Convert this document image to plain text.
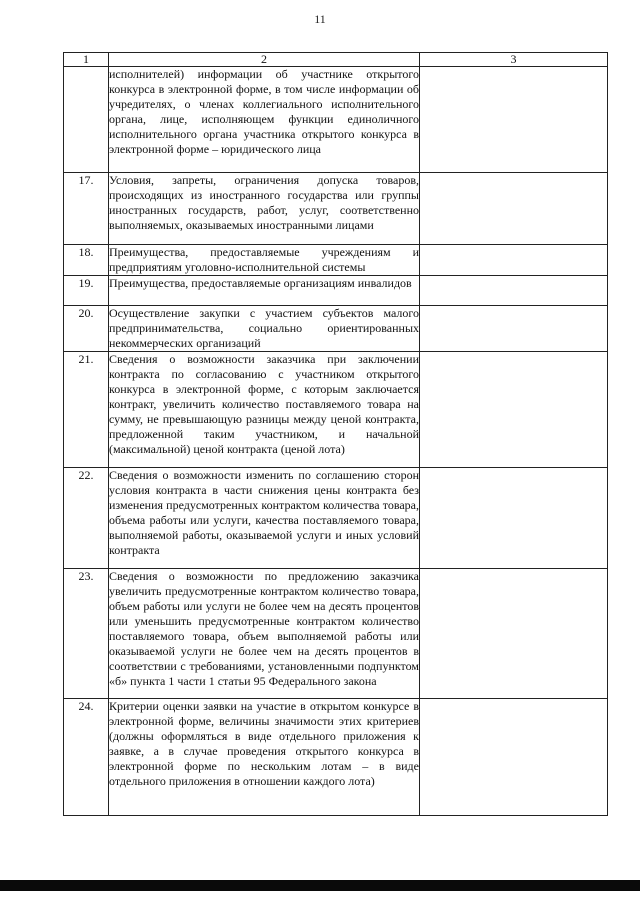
11
1	2	3
	исполнителей) информации об участнике открытого конкурса в электронной форме, в том числе информации об учредителях, о членах коллегиального исполнительного органа, лице, исполняющем функции единоличного исполнительного органа участника открытого конкурса в электронной форме – юридического лица	
17.	Условия, запреты, ограничения допуска товаров, происходящих из иностранного государства или группы иностранных государств, работ, услуг, соответственно выполняемых, оказываемых иностранными лицами	
18.	Преимущества, предоставляемые учреждениям и предприятиям уголовно-исполнительной системы	
19.	Преимущества, предоставляемые организациям инвалидов	
20.	Осуществление закупки с участием субъектов малого предпринимательства, социально ориентированных некоммерческих организаций	
21.	Сведения о возможности заказчика при заключении контракта по согласованию с участником открытого конкурса в электронной форме, с которым заключается контракт, увеличить количество поставляемого товара на сумму, не превышающую разницы между ценой контракта, предложенной таким участником, и начальной (максимальной) ценой контракта (ценой лота)	
22.	Сведения о возможности изменить по соглашению сторон условия контракта в части снижения цены контракта без изменения предусмотренных контрактом количества товара, объема работы или услуги, качества поставляемого товара, выполняемой работы, оказываемой услуги и иных условий контракта	
23.	Сведения о возможности по предложению заказчика увеличить предусмотренные контрактом количество товара, объем работы или услуги не более чем на десять процентов или уменьшить предусмотренные контрактом количество поставляемого товара, объем выполняемой работы или оказываемой услуги не более чем на десять процентов в соответствии с требованиями, установленными подпунктом «б» пункта 1 части 1 статьи 95 Федерального закона	
24.	Критерии оценки заявки на участие в открытом конкурсе в электронной форме, величины значимости этих критериев (должны оформляться в виде отдельного приложения к заявке, а в случае проведения открытого конкурса в электронной форме по нескольким лотам – в виде отдельного приложения в отношении каждого лота)	
